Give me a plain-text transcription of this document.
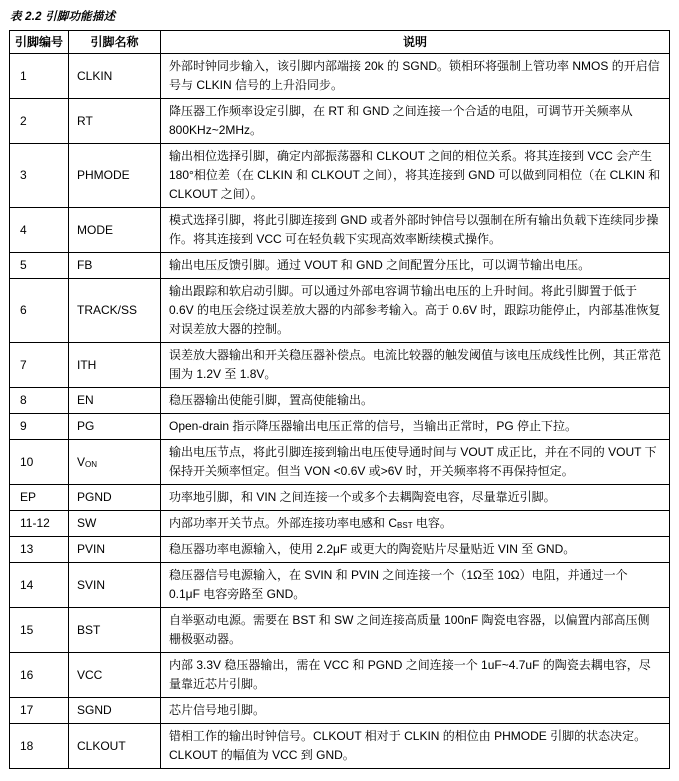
表 2.2 引脚功能描述
引脚编号	引脚名称	说明
1	CLKIN	外部时钟同步输入，该引脚内部端接 20k 的 SGND。锁相环将强制上管功率 NMOS 的开启信号与 CLKIN 信号的上升沿同步。
2	RT	降压器工作频率设定引脚，在 RT 和 GND 之间连接一个合适的电阻，可调节开关频率从 800KHz~2MHz。
3	PHMODE	输出相位选择引脚，确定内部振荡器和 CLKOUT 之间的相位关系。将其连接到 VCC 会产生 180°相位差（在 CLKIN 和 CLKOUT 之间），将其连接到 GND 可以做到同相位（在 CLKIN 和 CLKOUT 之间）。
4	MODE	模式选择引脚，将此引脚连接到 GND 或者外部时钟信号以强制在所有输出负载下连续同步操作。将其连接到 VCC 可在轻负载下实现高效率断续模式操作。
5	FB	输出电压反馈引脚。通过 VOUT 和 GND 之间配置分压比，可以调节输出电压。
6	TRACK/SS	输出跟踪和软启动引脚。可以通过外部电容调节输出电压的上升时间。将此引脚置于低于 0.6V 的电压会绕过误差放大器的内部参考输入。高于 0.6V 时，跟踪功能停止，内部基准恢复对误差放大器的控制。
7	ITH	误差放大器输出和开关稳压器补偿点。电流比较器的触发阈值与该电压成线性比例，其正常范围为 1.2V 至 1.8V。
8	EN	稳压器输出使能引脚，置高使能输出。
9	PG	Open-drain 指示降压器输出电压正常的信号，当输出正常时，PG 停止下拉。
10	$V_{ON}$	输出电压节点，将此引脚连接到输出电压使导通时间与 VOUT 成正比，并在不同的 VOUT 下保持开关频率恒定。但当 VON <0.6V 或>6V 时，开关频率将不再保持恒定。
EP	PGND	功率地引脚，和 VIN 之间连接一个或多个去耦陶瓷电容，尽量靠近引脚。
11-12	SW	内部功率开关节点。外部连接功率电感和 $C_{BST}$ 电容。
13	PVIN	稳压器功率电源输入，使用 2.2μF 或更大的陶瓷贴片尽量贴近 VIN 至 GND。
14	SVIN	稳压器信号电源输入，在 SVIN 和 PVIN 之间连接一个（1Ω至 10Ω）电阻，并通过一个 0.1μF 电容旁路至 GND。
15	BST	自举驱动电源。需要在 BST 和 SW 之间连接高质量 100nF 陶瓷电容器，以偏置内部高压侧栅极驱动器。
16	VCC	内部 3.3V 稳压器输出，需在 VCC 和 PGND 之间连接一个 1uF~4.7uF 的陶瓷去耦电容，尽量靠近芯片引脚。
17	SGND	芯片信号地引脚。
18	CLKOUT	错相工作的输出时钟信号。CLKOUT 相对于 CLKIN 的相位由 PHMODE 引脚的状态决定。CLKOUT 的幅值为 VCC 到 GND。
